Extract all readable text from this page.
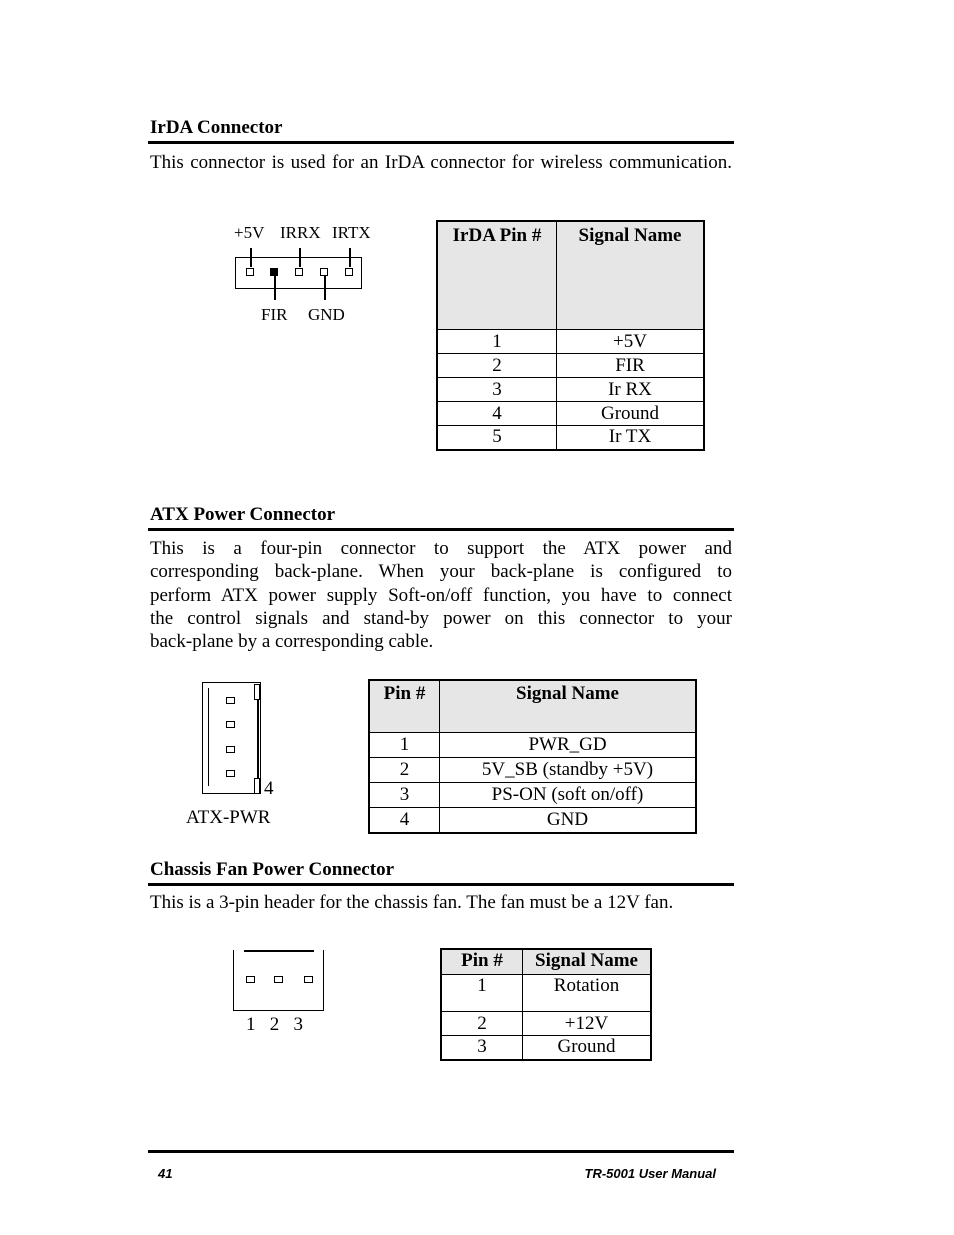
IrDA Connector
This connector is used for an IrDA connector for wireless communication.
+5V IRRX IRTX
FIR GND
IrDA Pin #	Signal Name
1	+5V
2	FIR
3	Ir RX
4	Ground
5	Ir TX
ATX Power Connector
This is a four-pin connector to support the ATX power and
corresponding back-plane. When your back-plane is configured to
perform ATX power supply Soft-on/off function, you have to connect
the control signals and stand-by power on this connector to your
back-plane by a corresponding cable.
4
ATX-PWR
Pin #	Signal Name
1	PWR_GD
2	5V_SB (standby +5V)
3	PS-ON (soft on/off)
4	GND
Chassis Fan Power Connector
This is a 3-pin header for the chassis fan. The fan must be a 12V fan.
1   2   3
Pin #	Signal Name
1	Rotation
2	+12V
3	Ground
41	TR-5001 User Manual
